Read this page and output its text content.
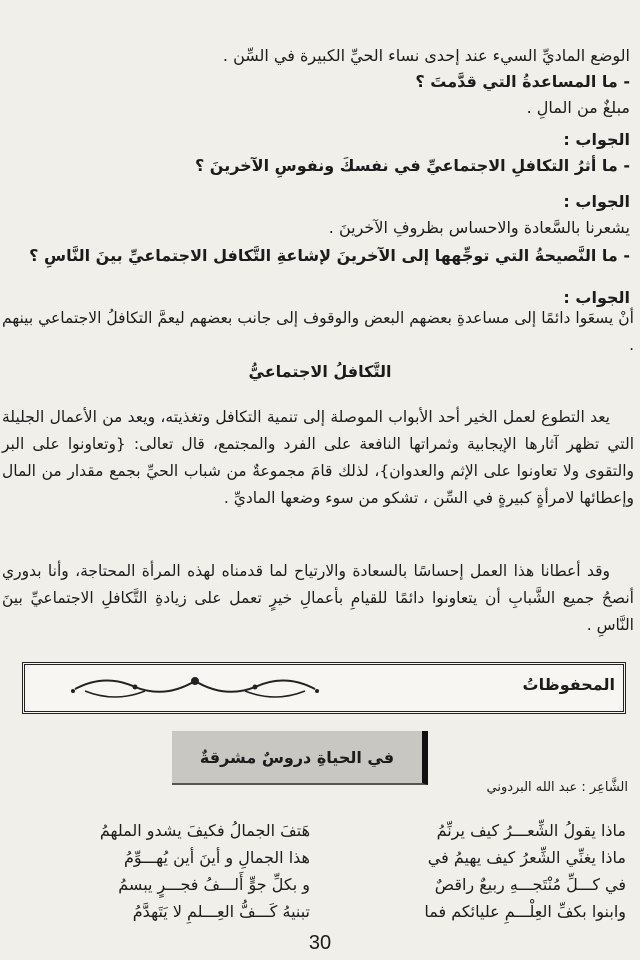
الوضع الماديِّ السيء عند إحدى نساء الحيِّ الكبيرة في السِّن .
- ما المساعدةُ التي قدَّمتَ ؟
مبلغٌ من المالِ .
الجواب :
- ما أثرُ التكافلِ الاجتماعيِّ في نفسكَ ونفوسِ الآخرينَ ؟
الجواب :
يشعرنا بالسَّعادة والاحساس بظروفِ الآخرينَ .
- ما النَّصيحةُ التي توجِّهها إلى الآخرينَ لإشاعةِ التَّكافل الاجتماعيِّ بينَ النَّاسِ ؟
الجواب :
أنْ يسعَوا دائمًا إلى مساعدةِ بعضهم البعض والوقوف إلى جانب بعضهم ليعمَّ التكافلُ الاجتماعي بينهم .
التَّكافلُ الاجتماعيُّ
يعد التطوع لعمل الخير أحد الأبواب الموصلة إلى تنمية التكافل وتغذيته، ويعد من الأعمال الجليلة التي تظهر آثارها الإيجابية وثمراتها النافعة على الفرد والمجتمع، قال تعالى: {وتعاونوا على البر والتقوى ولا تعاونوا على الإثم والعدوان}، لذلك قامَ مجموعةٌ من شباب الحيِّ بجمع مقدار من المال وإعطائها لامرأةٍ كبيرةٍ في السِّن ، تشكو من سوء وضعها الماديِّ .
وقد أعطانا هذا العمل إحساسًا بالسعادة والارتياح لما قدمناه لهذه المرأة المحتاجة، وأنا بدوري أنصحُ جميع الشَّبابِ أن يتعاونوا دائمًا للقيامِ بأعمالِ خيرٍ تعمل على زيادةِ التَّكافلِ الاجتماعيِّ بينَ النَّاسِ .
المحفوظاتُ
في الحياةِ دروسٌ مشرقةٌ
الشَّاعِر : عبد الله البردوني
ماذا يقولُ الشِّعـــرُ كيف يرنِّمُ
ماذا يغنِّي الشِّعرُ كيف يهيمُ في
في كـــلِّ مُنْتَجـــهِ ربيعٌ راقصٌ
وابنوا بكفِّ العِلْـــمِ عليائكم فما
هَتفَ الجمالُ فكيفَ يشدو الملهمُ
هذا الجمالِ و أينَ أين يُهـــوِّمُ
و بكلِّ جوٍّ أَلـــفُ فجـــرٍ يبسمُ
تبنيهُ كَـــفُّ العِـــلمِ لا يَتَهدَّمُ
30
